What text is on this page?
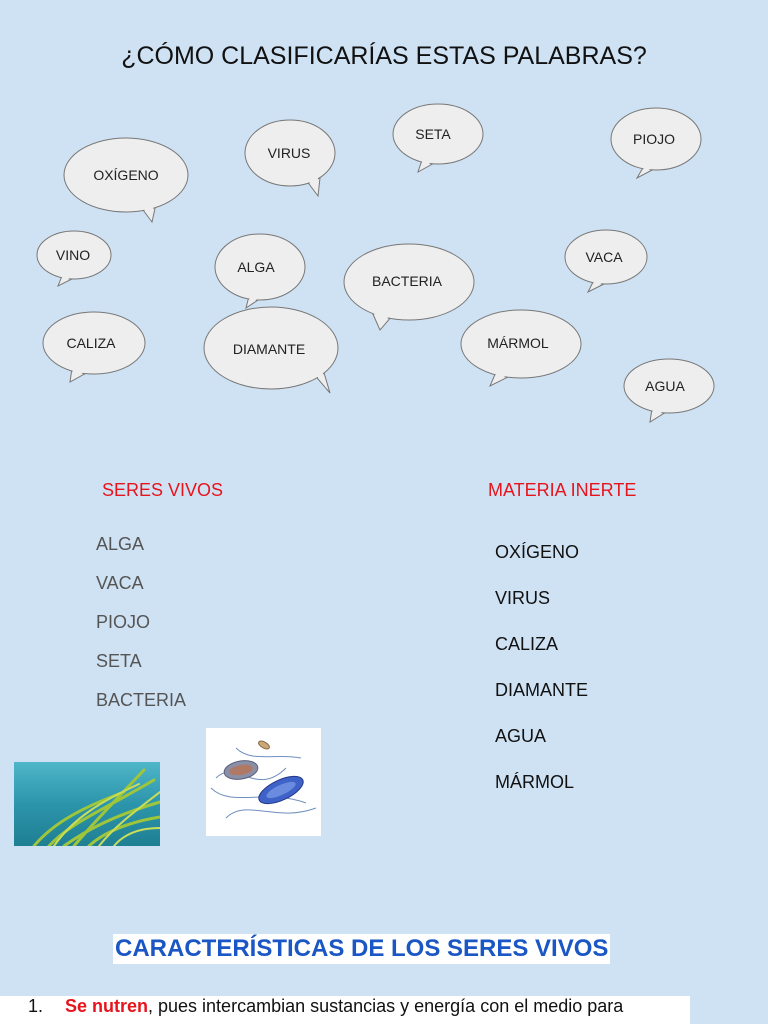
¿CÓMO CLASIFICARÍAS ESTAS PALABRAS?
OXÍGENO
VIRUS
SETA	PIOJO
VINO
ALGA
BACTERIA
VACA
CALIZA	DIAMANTE	MÁRMOL
AGUA
SERES VIVOS	MATERIA INERTE
ALGA
VACA
PIOJO
SETA
BACTERIA
OXÍGENO
VIRUS
CALIZA
DIAMANTE
AGUA
MÁRMOL
CARACTERÍSTICAS DE LOS SERES VIVOS
1. Se nutren, pues intercambian sustancias y energía con el medio para
